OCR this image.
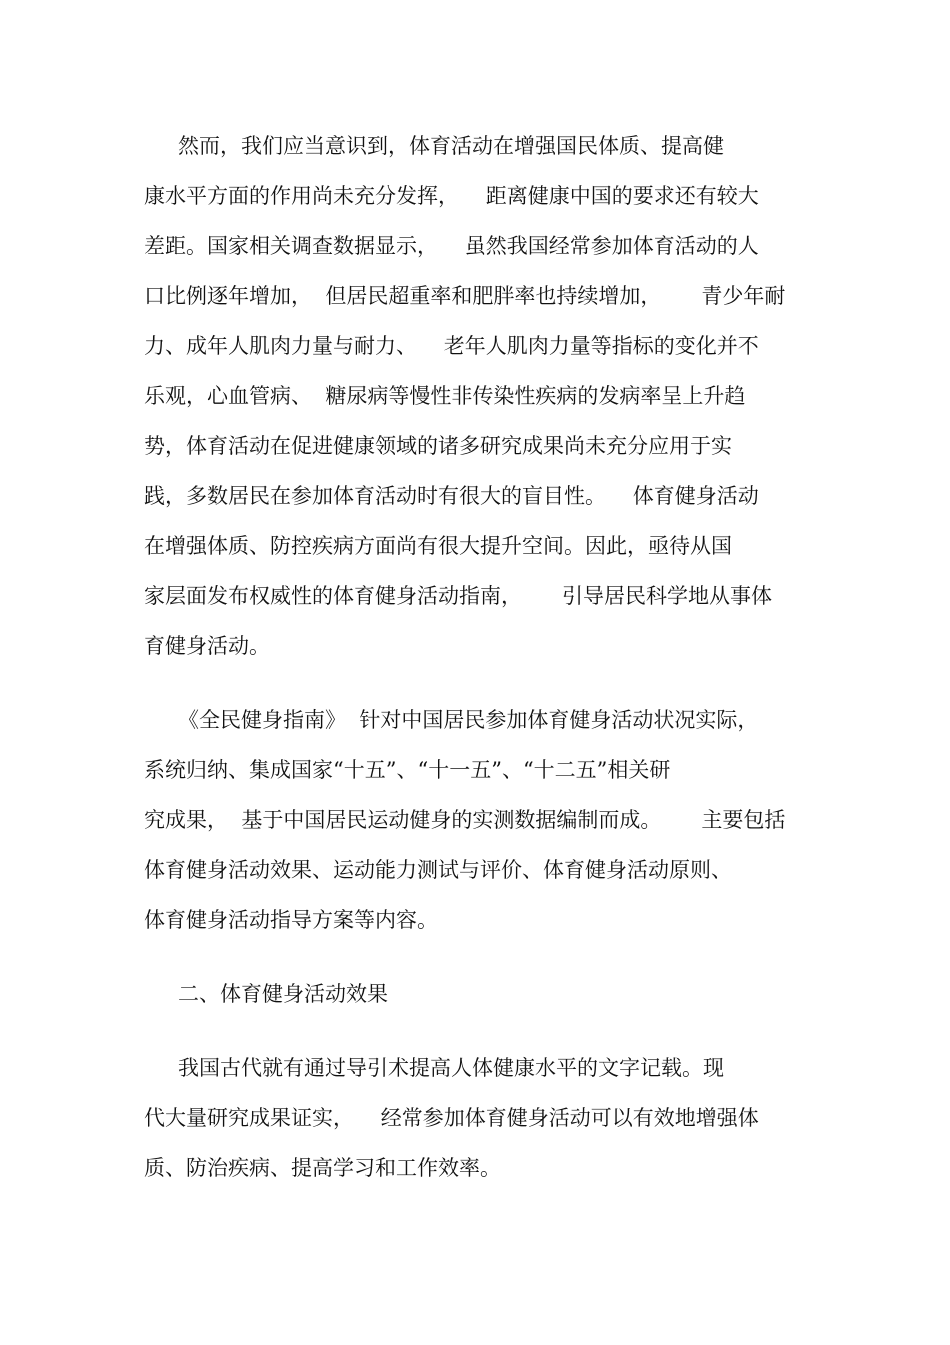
然而，我们应当意识到，体育活动在增强国民体质、提高健
康水平方面的作用尚未充分发挥，    距离健康中国的要求还有较大
差距。国家相关调查数据显示，    虽然我国经常参加体育活动的人
口比例逐年增加，  但居民超重率和肥胖率也持续增加，      青少年耐
力、成年人肌肉力量与耐力、    老年人肌肉力量等指标的变化并不
乐观，心血管病、  糖尿病等慢性非传染性疾病的发病率呈上升趋
势，体育活动在促进健康领域的诸多研究成果尚未充分应用于实
践，多数居民在参加体育活动时有很大的盲目性。    体育健身活动
在增强体质、防控疾病方面尚有很大提升空间。因此，亟待从国
家层面发布权威性的体育健身活动指南，      引导居民科学地从事体
育健身活动。
《全民健身指南》  针对中国居民参加体育健身活动状况实际，
系统归纳、集成国家“十五”、“十一五”、“十二五”相关研
究成果，  基于中国居民运动健身的实测数据编制而成。      主要包括
体育健身活动效果、运动能力测试与评价、体育健身活动原则、
体育健身活动指导方案等内容。
二、体育健身活动效果
我国古代就有通过导引术提高人体健康水平的文字记载。现
代大量研究成果证实，    经常参加体育健身活动可以有效地增强体
质、防治疾病、提高学习和工作效率。
